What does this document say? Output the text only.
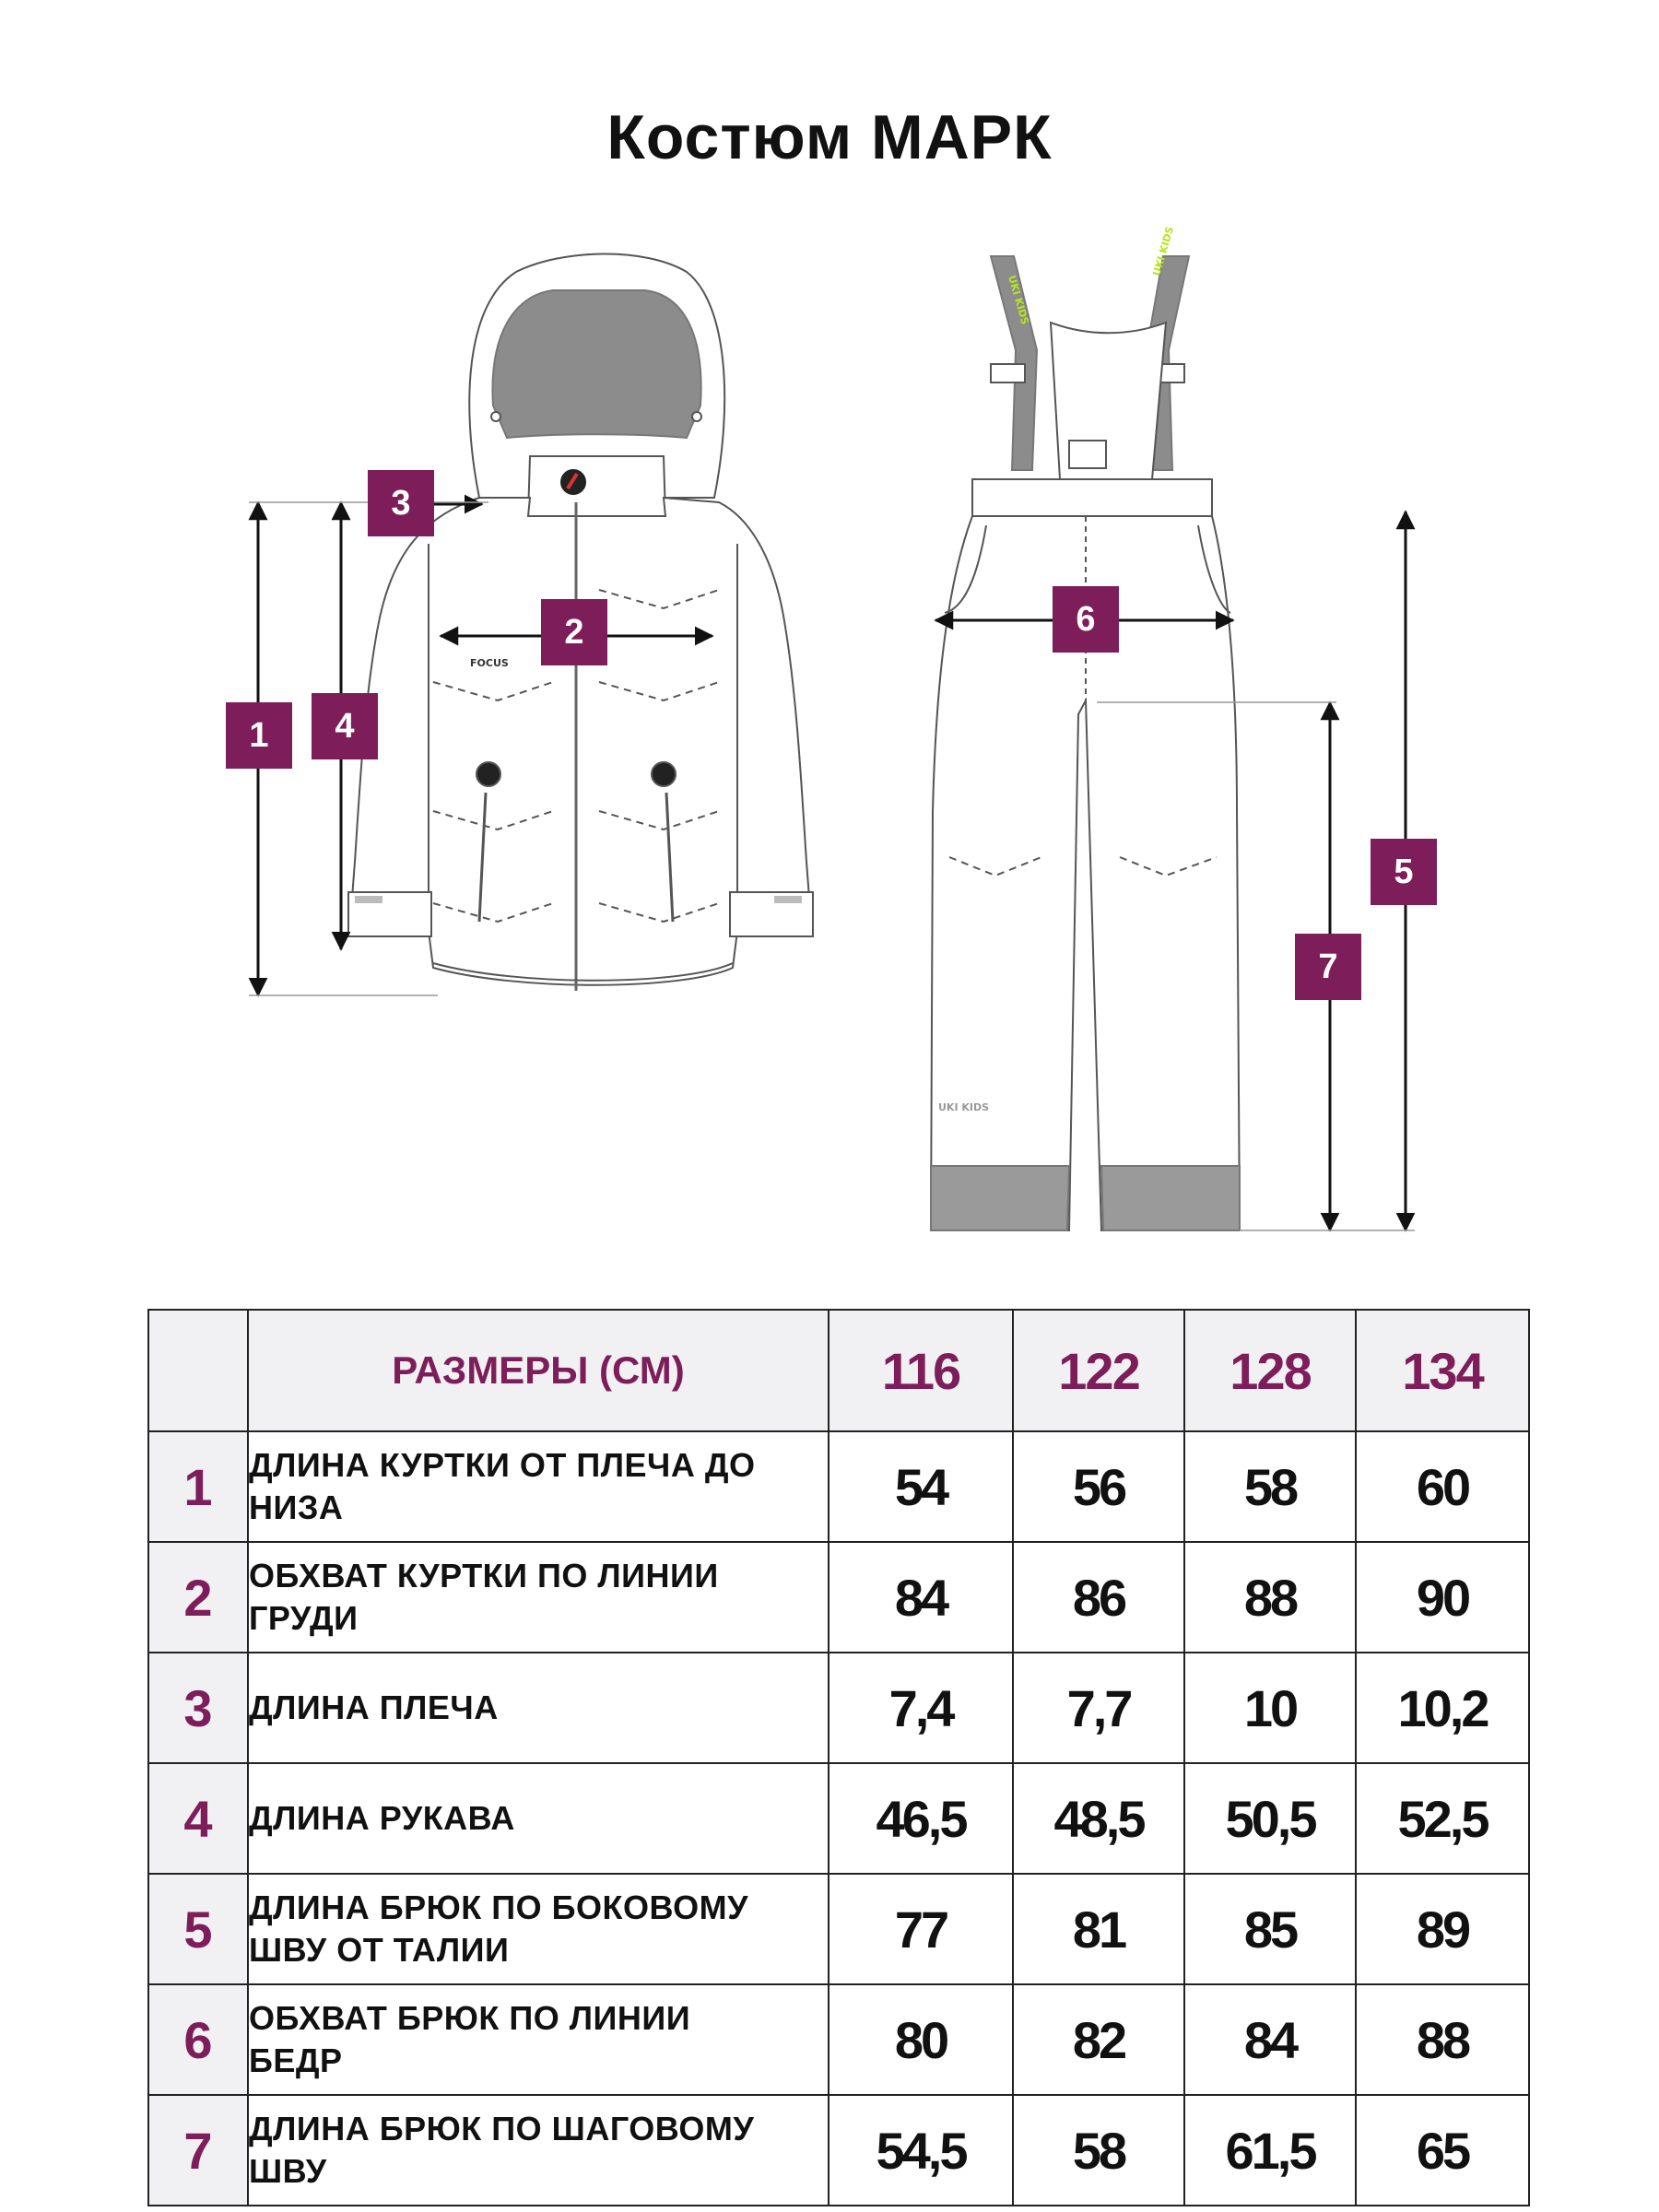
Костюм МАРК
FOCUS
UKI KIDS
UKI KIDS
UKI KIDS
1
2
3
4
5
6
7
	РАЗМЕРЫ (СМ)	116	122	128	134
1	ДЛИНА КУРТКИ ОТ ПЛЕЧА ДО НИЗА	54	56	58	60
2	ОБХВАТ КУРТКИ ПО ЛИНИИ ГРУДИ	84	86	88	90
3	ДЛИНА ПЛЕЧА	7,4	7,7	10	10,2
4	ДЛИНА РУКАВА	46,5	48,5	50,5	52,5
5	ДЛИНА БРЮК ПО БОКОВОМУ ШВУ ОТ ТАЛИИ	77	81	85	89
6	ОБХВАТ БРЮК ПО ЛИНИИ БЕДР	80	82	84	88
7	ДЛИНА БРЮК ПО ШАГОВОМУ ШВУ	54,5	58	61,5	65
